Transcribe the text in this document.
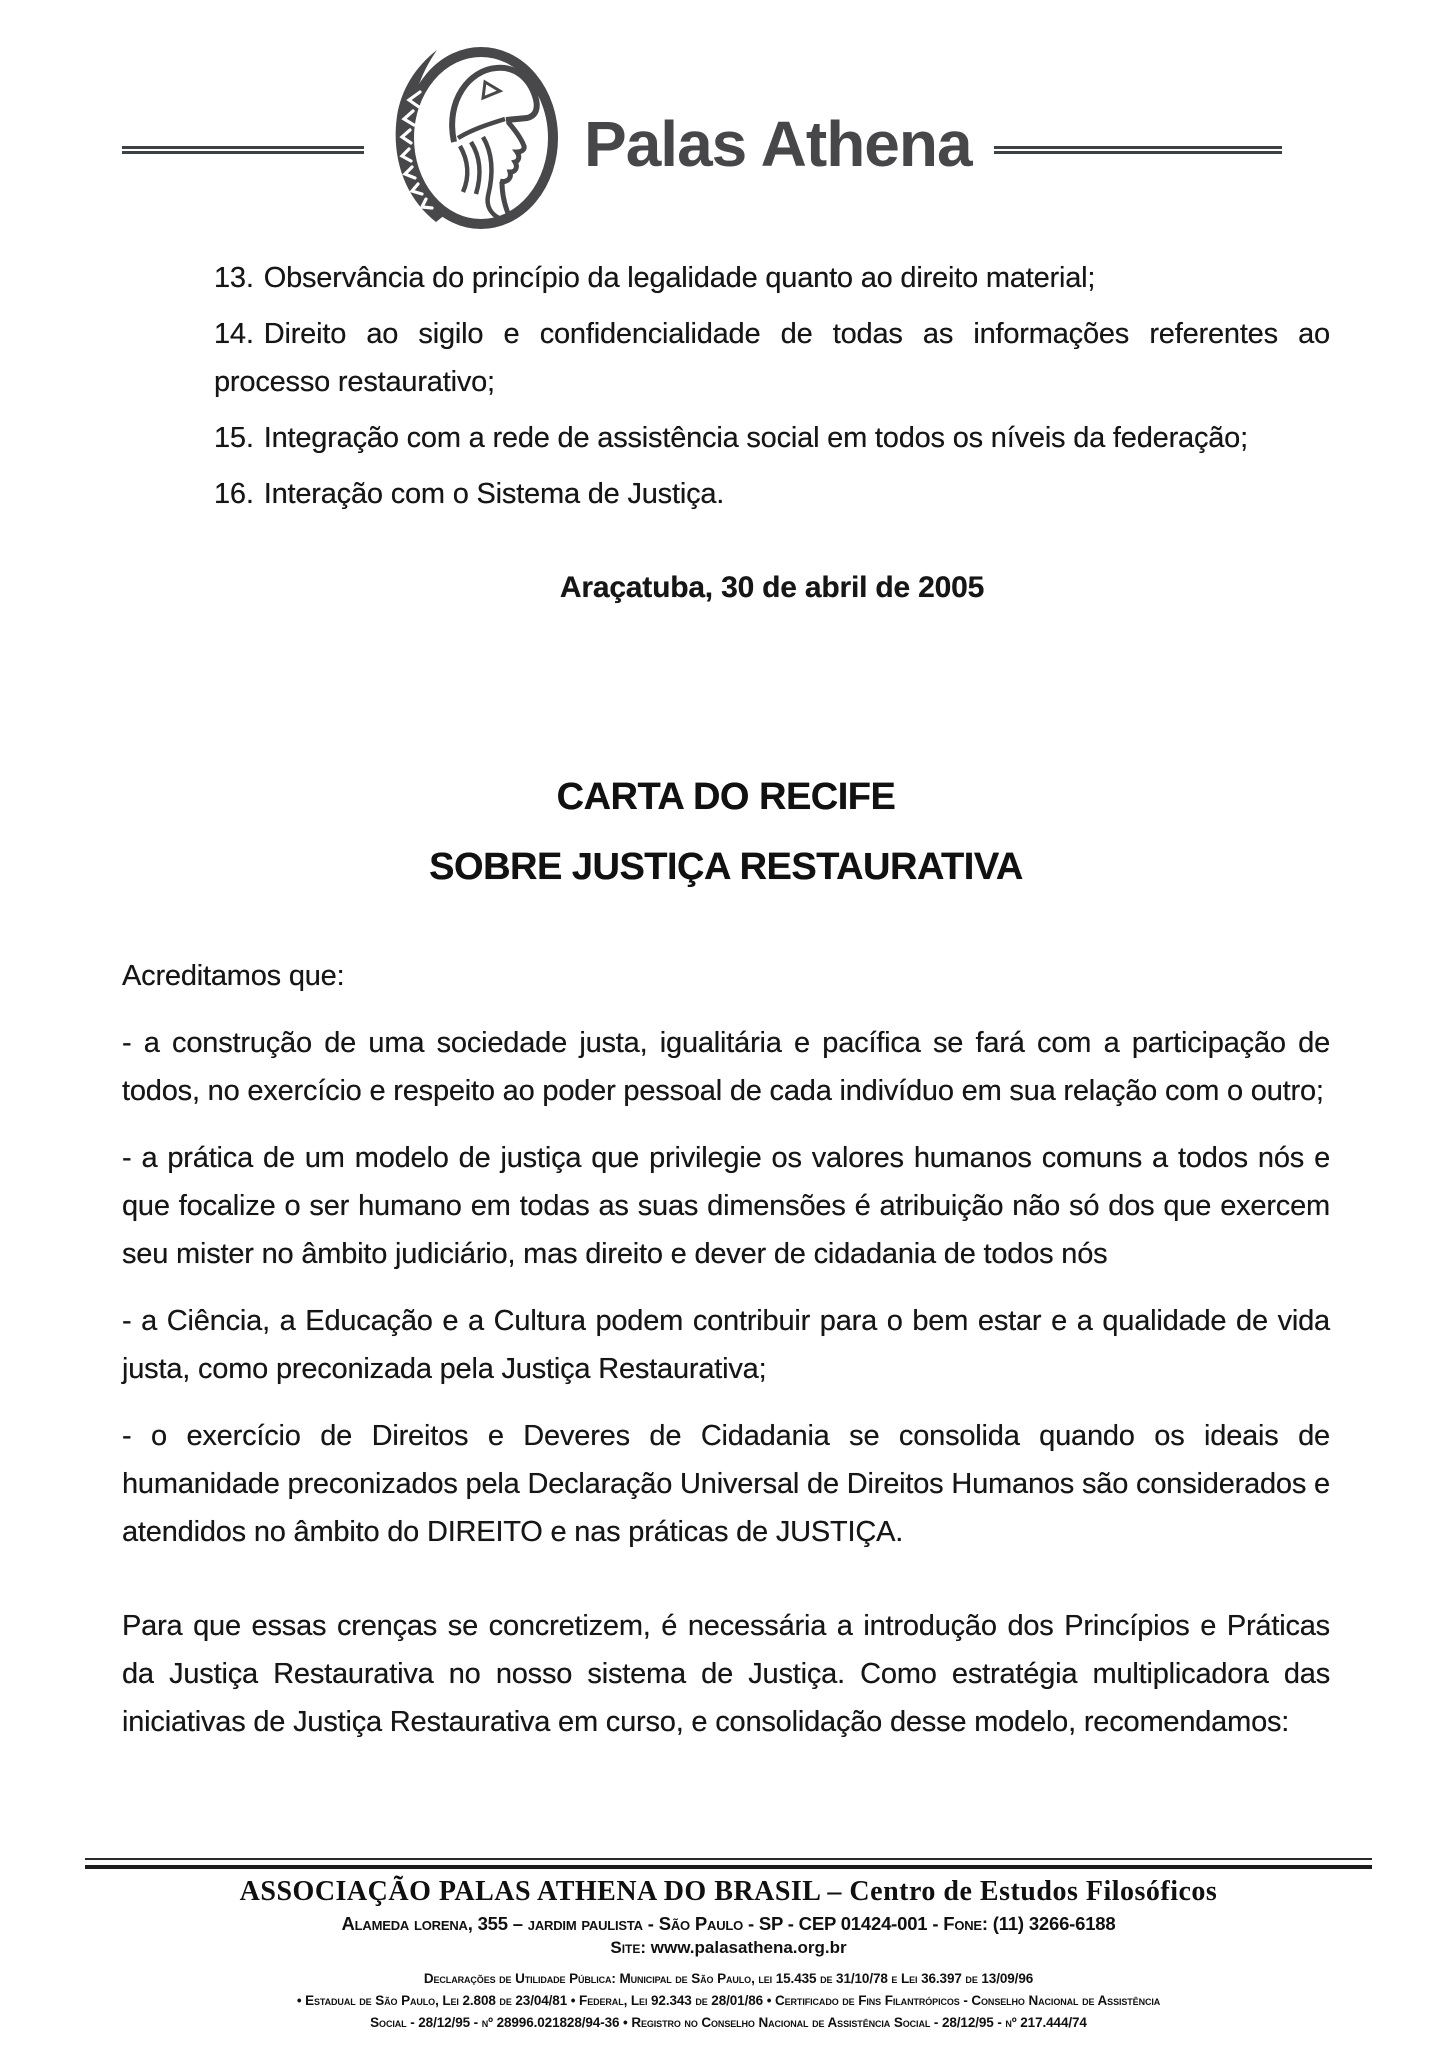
Palas Athena

13. Observância do princípio da legalidade quanto ao direito material;

14. Direito ao sigilo e confidencialidade de todas as informações referentes ao processo restaurativo;

15. Integração com a rede de assistência social em todos os níveis da federação;

16. Interação com o Sistema de Justiça.

Araçatuba, 30 de abril de 2005

CARTA DO RECIFE
SOBRE JUSTIÇA RESTAURATIVA

Acreditamos que:

- a construção de uma sociedade justa, igualitária e pacífica se fará com a participação de todos, no exercício e respeito ao poder pessoal de cada indivíduo em sua relação com o outro;

- a prática de um modelo de justiça que privilegie os valores humanos comuns a todos nós e que focalize o ser humano em todas as suas dimensões é atribuição não só dos que exercem seu mister no âmbito judiciário, mas direito e dever de cidadania de todos nós

- a Ciência, a Educação e a Cultura podem contribuir para o bem estar e a qualidade de vida justa, como preconizada pela Justiça Restaurativa;

- o exercício de Direitos e Deveres de Cidadania se consolida quando os ideais de humanidade preconizados pela Declaração Universal de Direitos Humanos são considerados e atendidos no âmbito do DIREITO e nas práticas de JUSTIÇA.

Para que essas crenças se concretizem, é necessária a introdução dos Princípios e Práticas da Justiça Restaurativa no nosso sistema de Justiça. Como estratégia multiplicadora das iniciativas de Justiça Restaurativa em curso, e consolidação desse modelo, recomendamos:

ASSOCIAÇÃO PALAS ATHENA DO BRASIL – Centro de Estudos Filosóficos
Alameda lorena, 355 – jardim paulista - São Paulo - SP - CEP 01424-001 - Fone: (11) 3266-6188
Site: www.palasathena.org.br
Declarações de Utilidade Pública: Municipal de São Paulo, lei 15.435 de 31/10/78 e Lei 36.397 de 13/09/96
• Estadual de São Paulo, Lei 2.808 de 23/04/81 • Federal, Lei 92.343 de 28/01/86 • Certificado de Fins Filantrópicos - Conselho Nacional de Assistência
Social - 28/12/95 - nº 28996.021828/94-36 • Registro no Conselho Nacional de Assistência Social - 28/12/95 - nº 217.444/74
